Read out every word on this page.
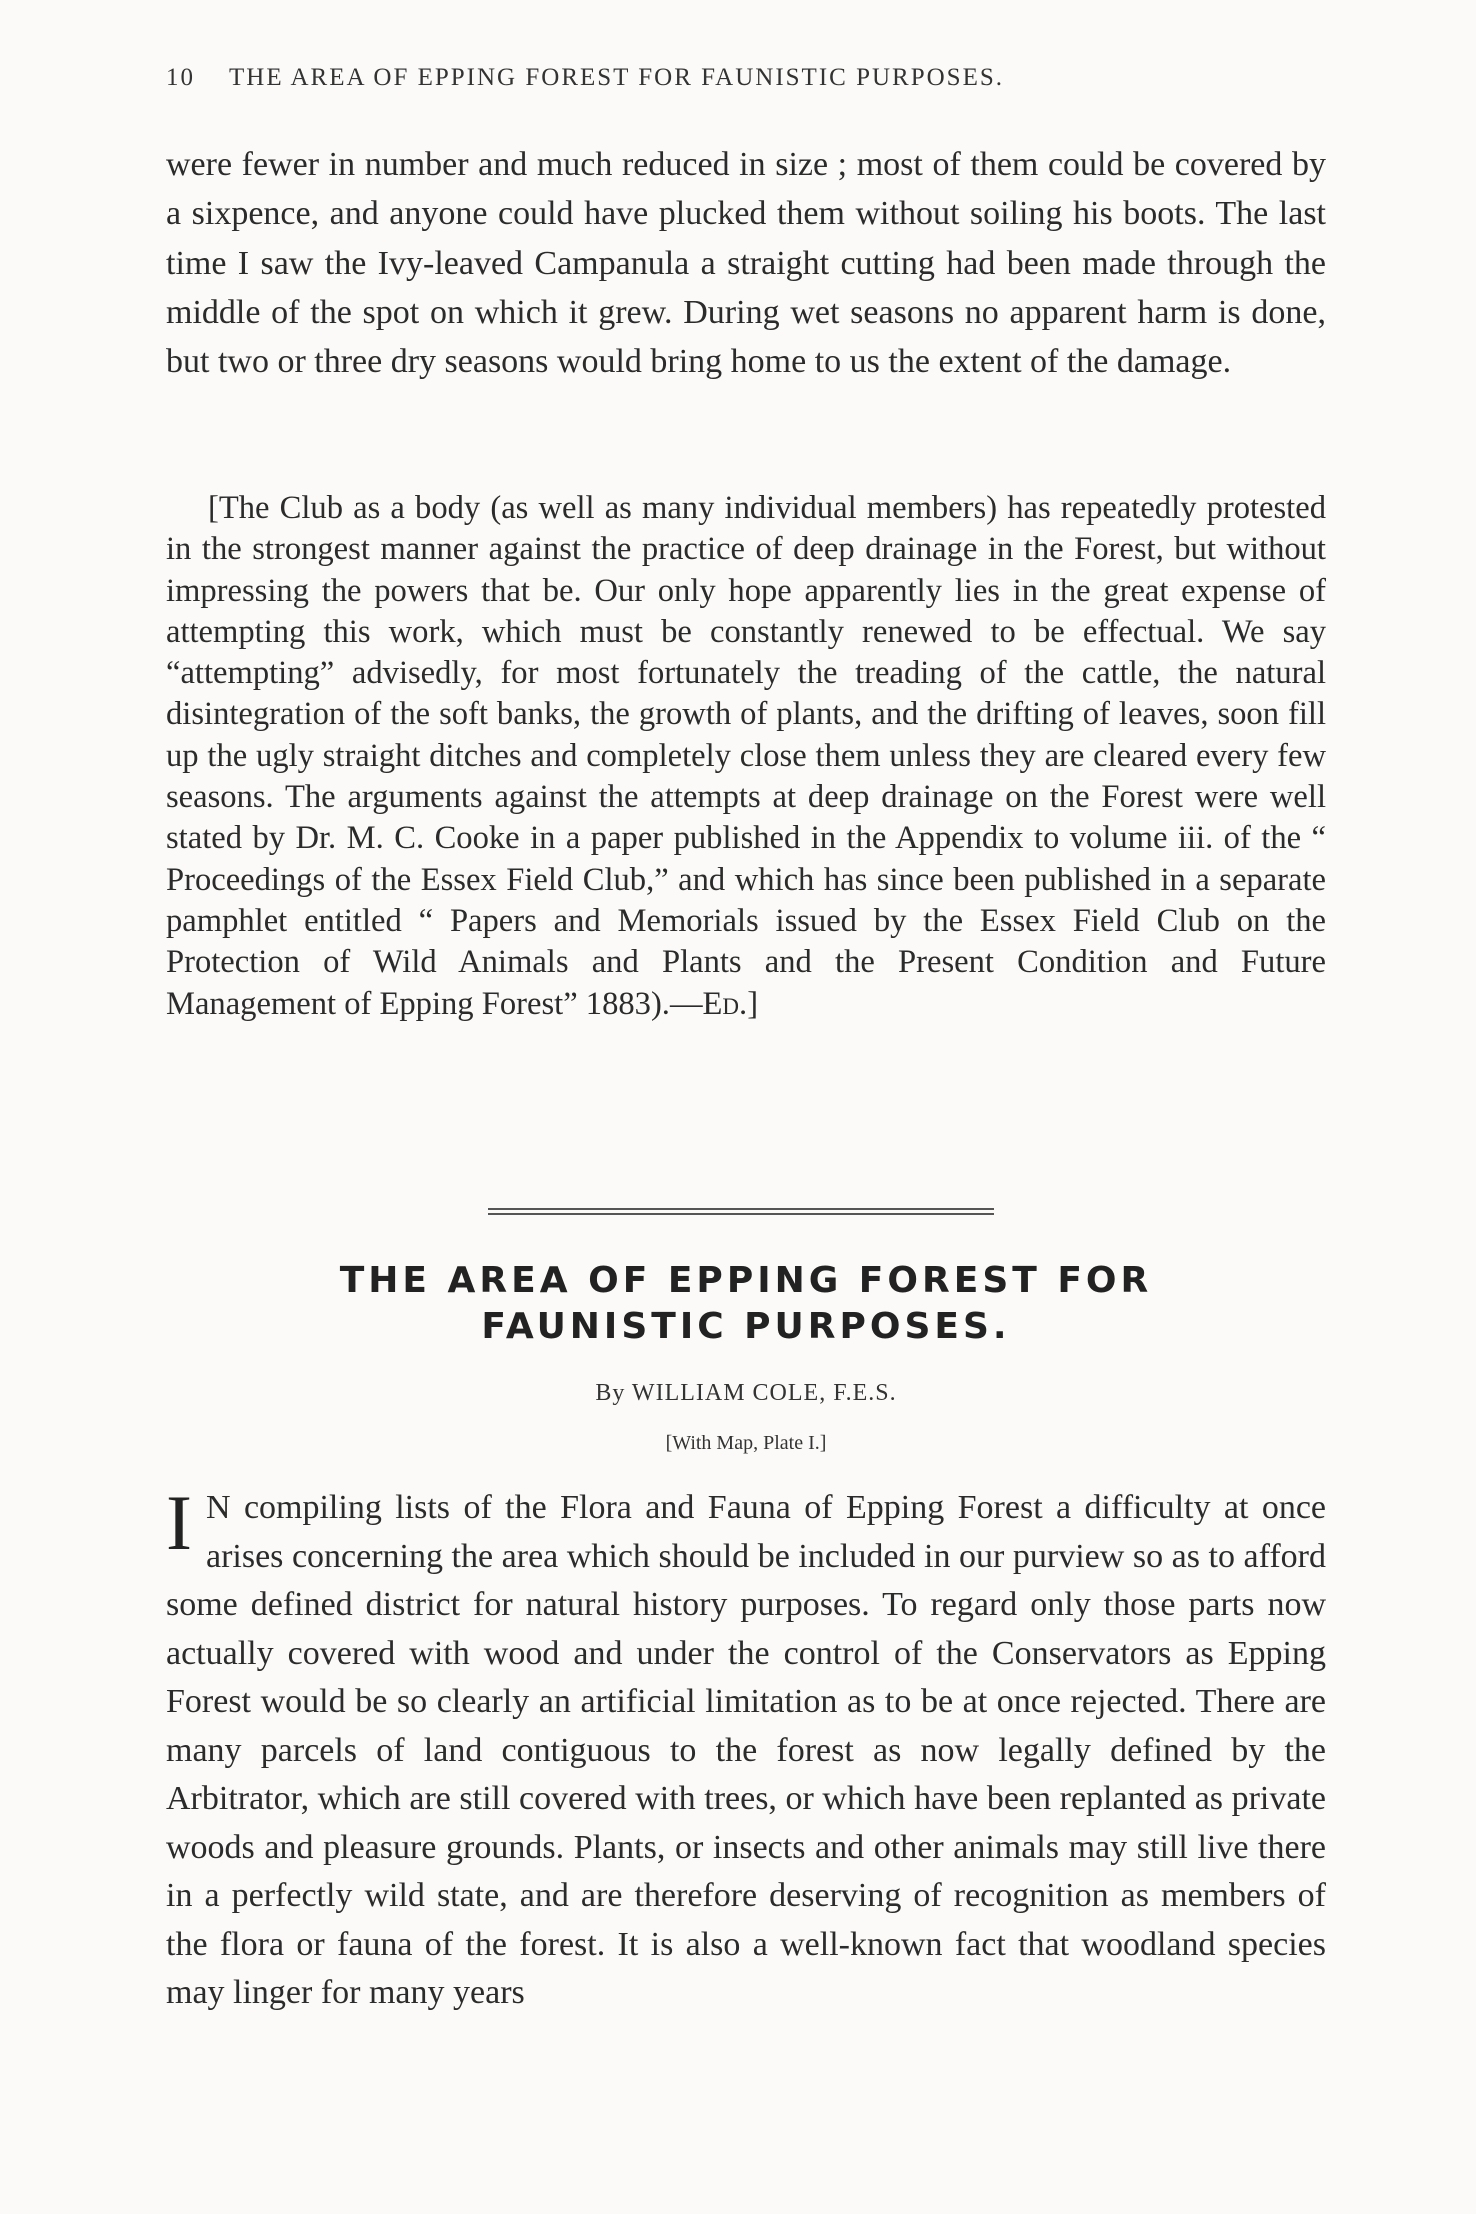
10 THE AREA OF EPPING FOREST FOR FAUNISTIC PURPOSES.

were fewer in number and much reduced in size ; most of them could be covered by a sixpence, and anyone could have plucked them without soiling his boots. The last time I saw the Ivy-leaved Campanula a straight cutting had been made through the middle of the spot on which it grew. During wet seasons no apparent harm is done, but two or three dry seasons would bring home to us the extent of the damage.

[The Club as a body (as well as many individual members) has repeatedly protested in the strongest manner against the practice of deep drainage in the Forest, but without impressing the powers that be. Our only hope apparently lies in the great expense of attempting this work, which must be constantly renewed to be effectual. We say “attempting” advisedly, for most fortunately the treading of the cattle, the natural disintegration of the soft banks, the growth of plants, and the drifting of leaves, soon fill up the ugly straight ditches and completely close them unless they are cleared every few seasons. The arguments against the attempts at deep drainage on the Forest were well stated by Dr. M. C. Cooke in a paper published in the Appendix to volume iii. of the “ Proceedings of the Essex Field Club,” and which has since been published in a separate pamphlet entitled “ Papers and Memorials issued by the Essex Field Club on the Protection of Wild Animals and Plants and the Present Condition and Future Management of Epping Forest” 1883).—Ed.]

THE AREA OF EPPING FOREST FOR
FAUNISTIC PURPOSES.
By WILLIAM COLE, F.E.S.
[With Map, Plate I.]

I N compiling lists of the Flora and Fauna of Epping Forest a difficulty at once arises concerning the area which should be included in our purview so as to afford some defined district for natural history purposes. To regard only those parts now actually covered with wood and under the control of the Conservators as Epping Forest would be so clearly an artificial limitation as to be at once rejected. There are many parcels of land contiguous to the forest as now legally defined by the Arbitrator, which are still covered with trees, or which have been replanted as private woods and pleasure grounds. Plants, or insects and other animals may still live there in a perfectly wild state, and are therefore deserving of recognition as members of the flora or fauna of the forest. It is also a well-known fact that woodland species may linger for many years
